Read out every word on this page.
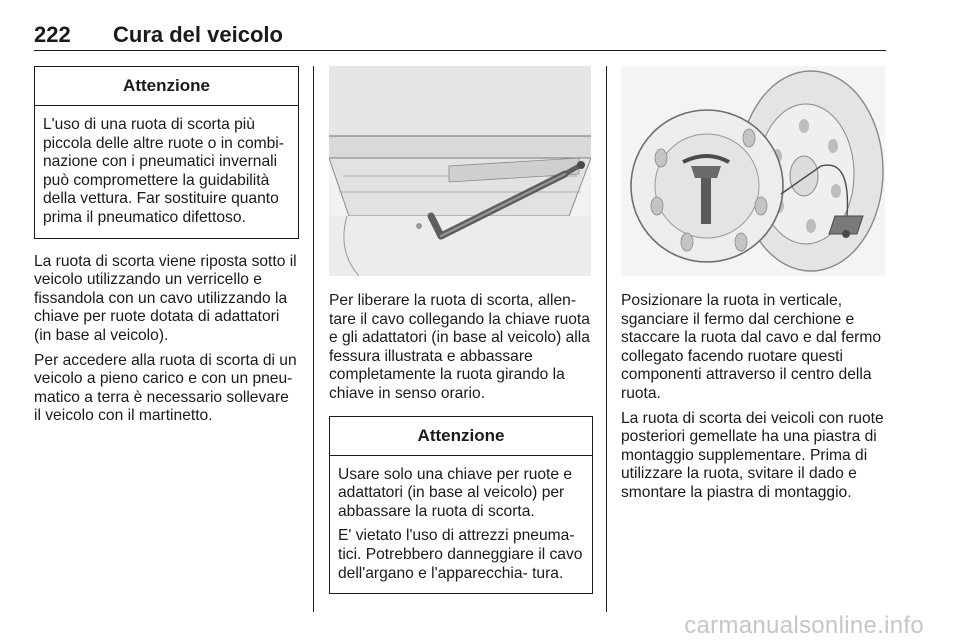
222 Cura del veicolo
Attenzione

L'uso di una ruota di scorta più piccola delle altre ruote o in combi- nazione con i pneumatici invernali può compromettere la guidabilità della vettura. Far sostituire quanto prima il pneumatico difettoso.

La ruota di scorta viene riposta sotto il veicolo utilizzando un verricello e fissandola con un cavo utilizzando la chiave per ruote dotata di adattatori (in base al veicolo).

Per accedere alla ruota di scorta di un veicolo a pieno carico e con un pneu- matico a terra è necessario sollevare il veicolo con il martinetto.

Per liberare la ruota di scorta, allen- tare il cavo collegando la chiave ruota e gli adattatori (in base al veicolo) alla fessura illustrata e abbassare completamente la ruota girando la chiave in senso orario.

Attenzione

Usare solo una chiave per ruote e adattatori (in base al veicolo) per abbassare la ruota di scorta.

E' vietato l'uso di attrezzi pneuma- tici. Potrebbero danneggiare il cavo dell'argano e l'apparecchia- tura.

Posizionare la ruota in verticale, sganciare il fermo dal cerchione e staccare la ruota dal cavo e dal fermo collegato facendo ruotare questi componenti attraverso il centro della ruota.

La ruota di scorta dei veicoli con ruote posteriori gemellate ha una piastra di montaggio supplementare. Prima di utilizzare la ruota, svitare il dado e smontare la piastra di montaggio.

carmanualsonline.info
